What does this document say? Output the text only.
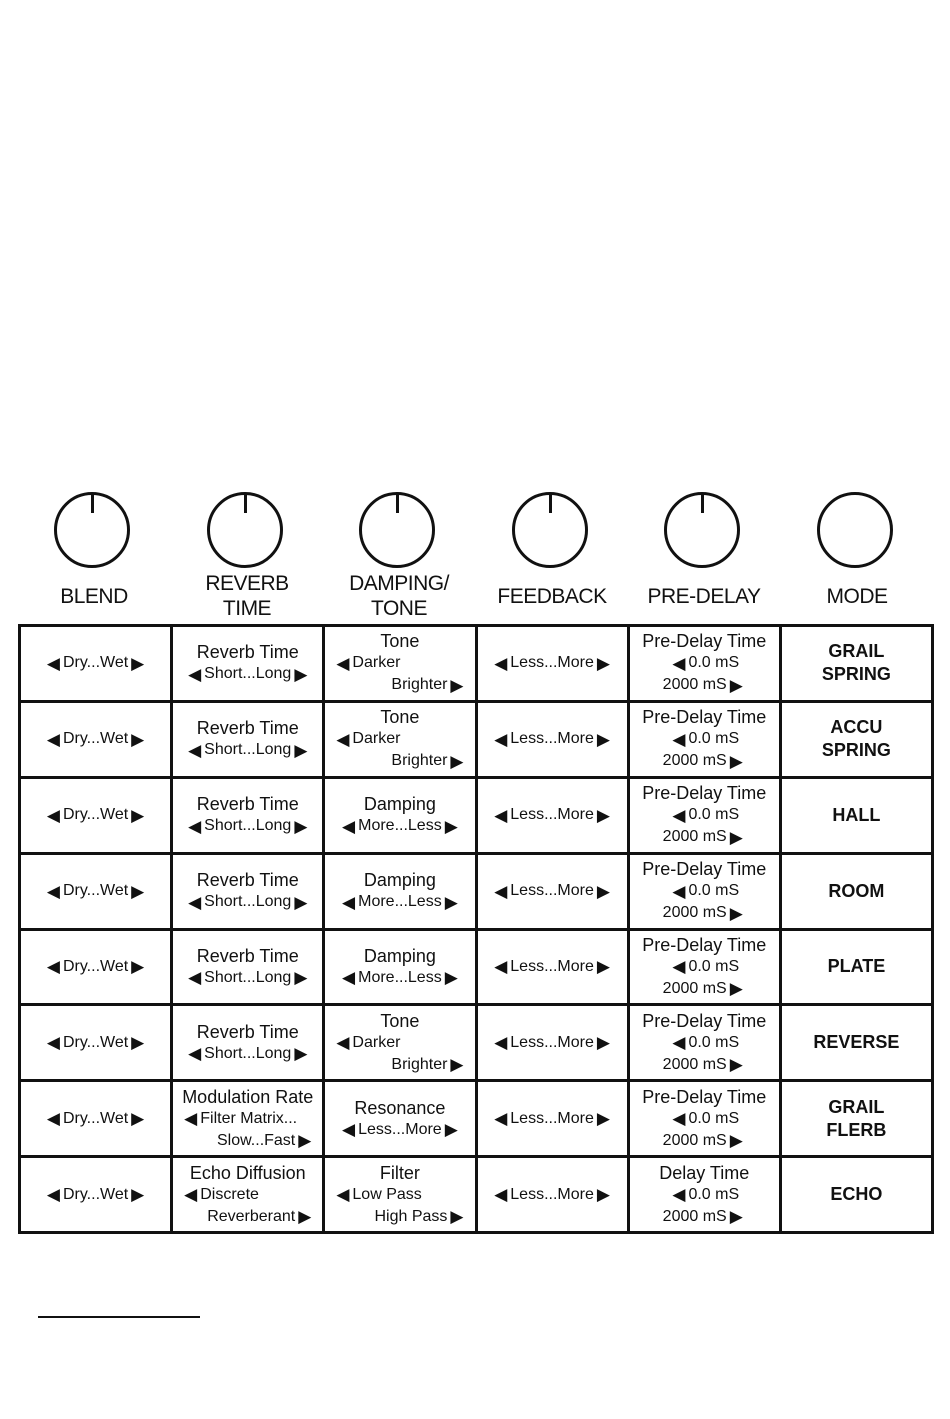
BLEND
REVERB
TIME
DAMPING/
TONE
FEEDBACK PRE-DELAY	MODE
◀ Dry...Wet ▶
Reverb Time
◀ Short...Long ▶
Tone
◀ Darker
Brighter ▶
◀ Less...More ▶
Pre-Delay Time
◀ 0.0 mS
2000 mS ▶
GRAIL
SPRING
◀ Dry...Wet ▶
Reverb Time
◀ Short...Long ▶
Tone
◀ Darker
Brighter ▶
◀ Less...More ▶
Pre-Delay Time
◀ 0.0 mS
2000 mS ▶
ACCU
SPRING
◀ Dry...Wet ▶
Reverb Time
◀ Short...Long ▶
Damping
◀ More...Less ▶
◀ Less...More ▶
Pre-Delay Time
◀ 0.0 mS
2000 mS ▶
HALL
◀ Dry...Wet ▶
Reverb Time
◀ Short...Long ▶
Damping
◀ More...Less ▶
◀ Less...More ▶
Pre-Delay Time
◀ 0.0 mS
2000 mS ▶
ROOM
◀ Dry...Wet ▶
Reverb Time
◀ Short...Long ▶
Damping
◀ More...Less ▶
◀ Less...More ▶
Pre-Delay Time
◀ 0.0 mS
2000 mS ▶
PLATE
◀ Dry...Wet ▶
Reverb Time
◀ Short...Long ▶
Tone
◀ Darker
Brighter ▶
◀ Less...More ▶
Pre-Delay Time
◀ 0.0 mS
2000 mS ▶
REVERSE
◀ Dry...Wet ▶
Modulation Rate
◀ Filter Matrix...
Slow...Fast ▶
Resonance
◀ Less...More ▶
◀ Less...More ▶
Pre-Delay Time
◀ 0.0 mS
2000 mS ▶
GRAIL
FLERB
◀ Dry...Wet ▶
Echo Diffusion
◀ Discrete
Reverberant ▶
Filter
◀ Low Pass
High Pass ▶
◀ Less...More ▶
Delay Time
◀ 0.0 mS
2000 mS ▶
ECHO
